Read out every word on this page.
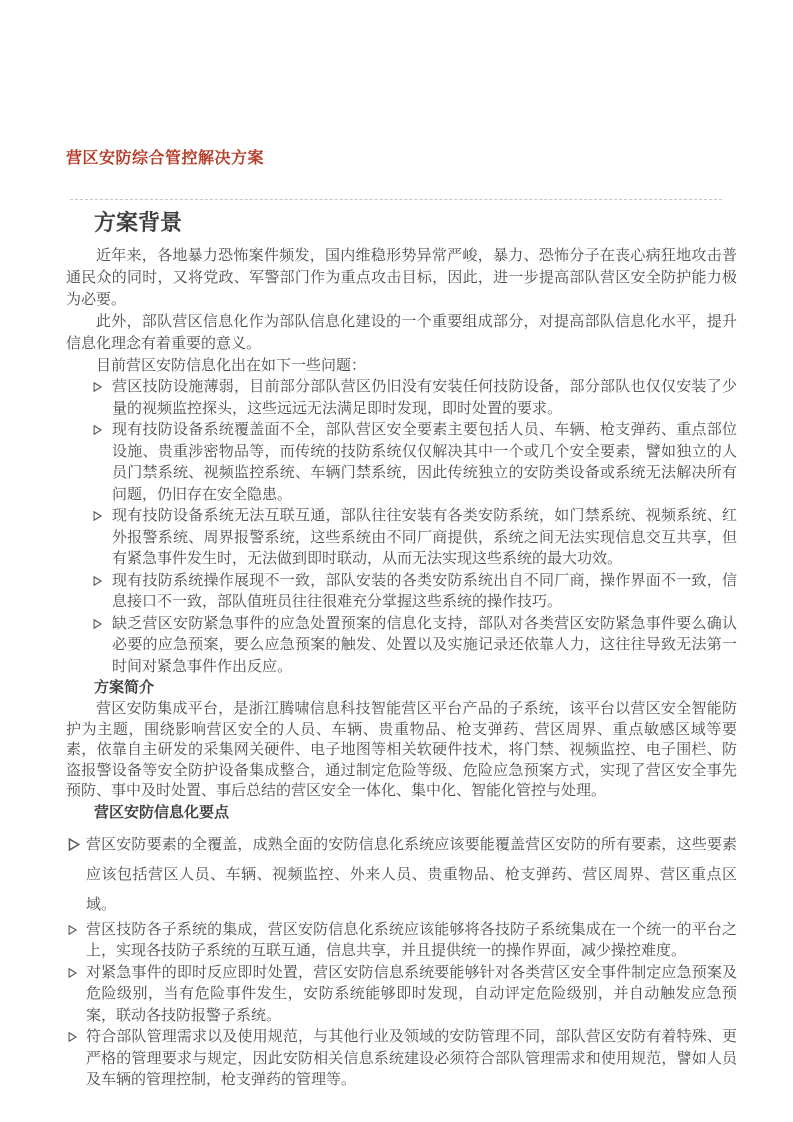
营区安防综合管控解决方案
方案背景

近年来，各地暴力恐怖案件频发，国内维稳形势异常严峻，暴力、恐怖分子在丧心病狂地攻击普通民众的同时，又将党政、军警部门作为重点攻击目标，因此，进一步提高部队营区安全防护能力极为必要。

此外，部队营区信息化作为部队信息化建设的一个重要组成部分，对提高部队信息化水平，提升信息化理念有着重要的意义。

目前营区安防信息化出在如下一些问题：

营区技防设施薄弱，目前部分部队营区仍旧没有安装任何技防设备，部分部队也仅仅安装了少量的视频监控探头，这些远远无法满足即时发现，即时处置的要求。
现有技防设备系统覆盖面不全，部队营区安全要素主要包括人员、车辆、枪支弹药、重点部位设施、贵重涉密物品等，而传统的技防系统仅仅解决其中一个或几个安全要素，譬如独立的人员门禁系统、视频监控系统、车辆门禁系统，因此传统独立的安防类设备或系统无法解决所有问题，仍旧存在安全隐患。
现有技防设备系统无法互联互通，部队往往安装有各类安防系统，如门禁系统、视频系统、红外报警系统、周界报警系统，这些系统由不同厂商提供，系统之间无法实现信息交互共享，但有紧急事件发生时，无法做到即时联动，从而无法实现这些系统的最大功效。
现有技防系统操作展现不一致，部队安装的各类安防系统出自不同厂商，操作界面不一致，信息接口不一致，部队值班员往往很难充分掌握这些系统的操作技巧。
缺乏营区安防紧急事件的应急处置预案的信息化支持，部队对各类营区安防紧急事件要么确认必要的应急预案，要么应急预案的触发、处置以及实施记录还依靠人力，这往往导致无法第一时间对紧急事件作出反应。
方案简介

营区安防集成平台，是浙江腾啸信息科技智能营区平台产品的子系统，该平台以营区安全智能防护为主题，围绕影响营区安全的人员、车辆、贵重物品、枪支弹药、营区周界、重点敏感区域等要素，依靠自主研发的采集网关硬件、电子地图等相关软硬件技术，将门禁、视频监控、电子围栏、防盗报警设备等安全防护设备集成整合，通过制定危险等级、危险应急预案方式，实现了营区安全事先预防、事中及时处置、事后总结的营区安全一体化、集中化、智能化管控与处理。

营区安防信息化要点
营区安防要素的全覆盖，成熟全面的安防信息化系统应该要能覆盖营区安防的所有要素，这些要素应该包括营区人员、车辆、视频监控、外来人员、贵重物品、枪支弹药、营区周界、营区重点区域。
营区技防各子系统的集成，营区安防信息化系统应该能够将各技防子系统集成在一个统一的平台之上，实现各技防子系统的互联互通，信息共享，并且提供统一的操作界面，减少操控难度。
对紧急事件的即时反应即时处置，营区安防信息系统要能够针对各类营区安全事件制定应急预案及危险级别，当有危险事件发生，安防系统能够即时发现，自动评定危险级别，并自动触发应急预案，联动各技防报警子系统。
符合部队管理需求以及使用规范，与其他行业及领域的安防管理不同，部队营区安防有着特殊、更严格的管理要求与规定，因此安防相关信息系统建设必须符合部队管理需求和使用规范，譬如人员及车辆的管理控制，枪支弹药的管理等。
